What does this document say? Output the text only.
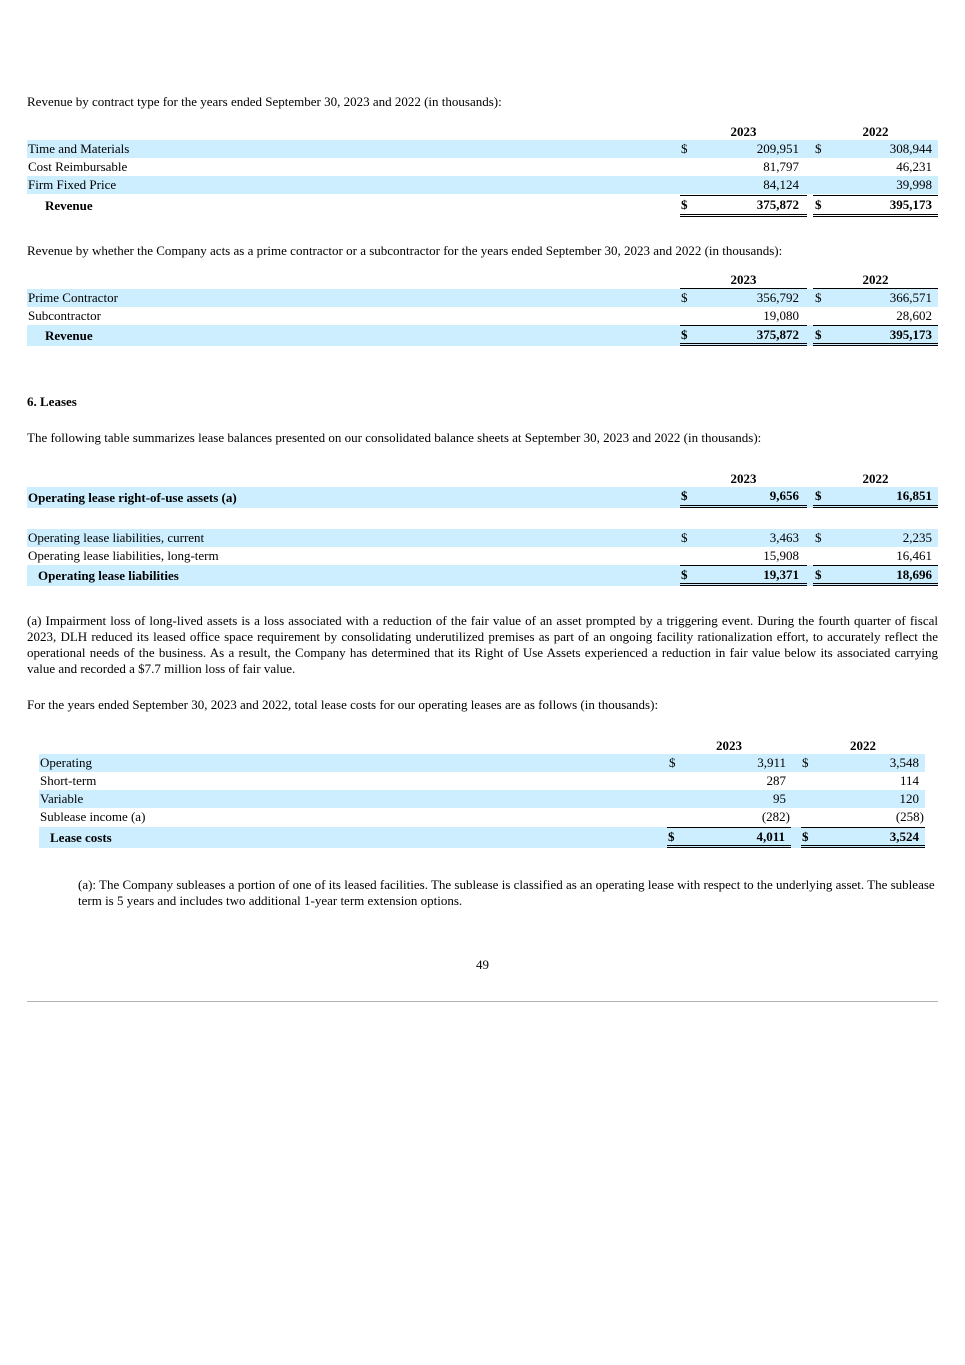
Revenue by contract type for the years ended September 30, 2023 and 2022 (in thousands):

2023	2022
Time and Materials	$	209,951 $	308,944
Cost Reimbursable	81,797	46,231
Firm Fixed Price	84,124	39,998
Revenue	$	375,872 $	395,173

Revenue by whether the Company acts as a prime contractor or a subcontractor for the years ended September 30, 2023 and 2022 (in thousands):

2023	2022
Prime Contractor	$	356,792 $	366,571
Subcontractor	19,080	28,602
Revenue	$	375,872 $	395,173

6. Leases

The following table summarizes lease balances presented on our consolidated balance sheets at September 30, 2023 and 2022 (in thousands):

2023	2022
Operating lease right-of-use assets (a)	$	9,656 $	16,851
Operating lease liabilities, current	$	3,463 $	2,235
Operating lease liabilities, long-term	15,908	16,461
Operating lease liabilities	$	19,371 $	18,696

(a) Impairment loss of long-lived assets is a loss associated with a reduction of the fair value of an asset prompted by a triggering event. During the fourth quarter of fiscal 2023, DLH reduced its leased office space requirement by consolidating underutilized premises as part of an ongoing facility rationalization effort, to accurately reflect the operational needs of the business. As a result, the Company has determined that its Right of Use Assets experienced a reduction in fair value below its associated carrying value and recorded a $7.7 million loss of fair value.

For the years ended September 30, 2023 and 2022, total lease costs for our operating leases are as follows (in thousands):

2023	2022
Operating	$	3,911 $	3,548
Short-term	287	114
Variable	95	120
Sublease income (a)	(282)	(258)
Lease costs	$	4,011 $	3,524

(a): The Company subleases a portion of one of its leased facilities. The sublease is classified as an operating lease with respect to the underlying asset. The sublease term is 5 years and includes two additional 1-year term extension options.

49
